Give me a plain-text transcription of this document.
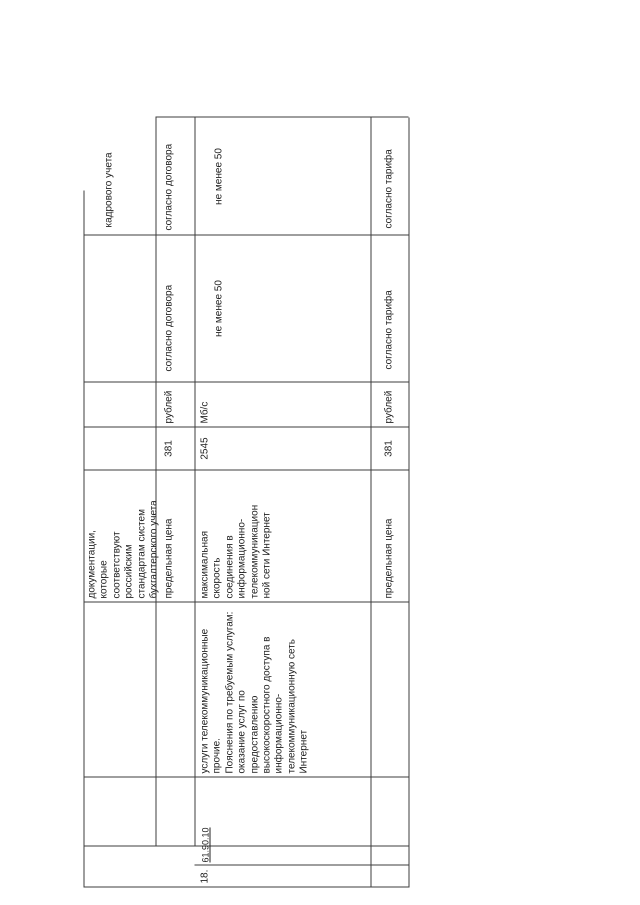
документации,
которые
соответствуют
российским
стандартам систем
бухгалтерского учета
кадрового учета
предельная цена
381
рублей
согласно договора
согласно договора
18.
61.90.10
услуги телекоммуникационные
прочие.
Пояснения по требуемым услугам:
оказание услуг по
предоставлению
высокоскоростного доступа в
информационно-
телекоммуникационную сеть
Интернет
максимальная
скорость
соединения в
информационно-
телекоммуникацион
ной сети Интернет
2545
Мб/с
не менее 50
не менее 50
предельная цена
381
рублей
согласно тарифа
согласно тарифа
